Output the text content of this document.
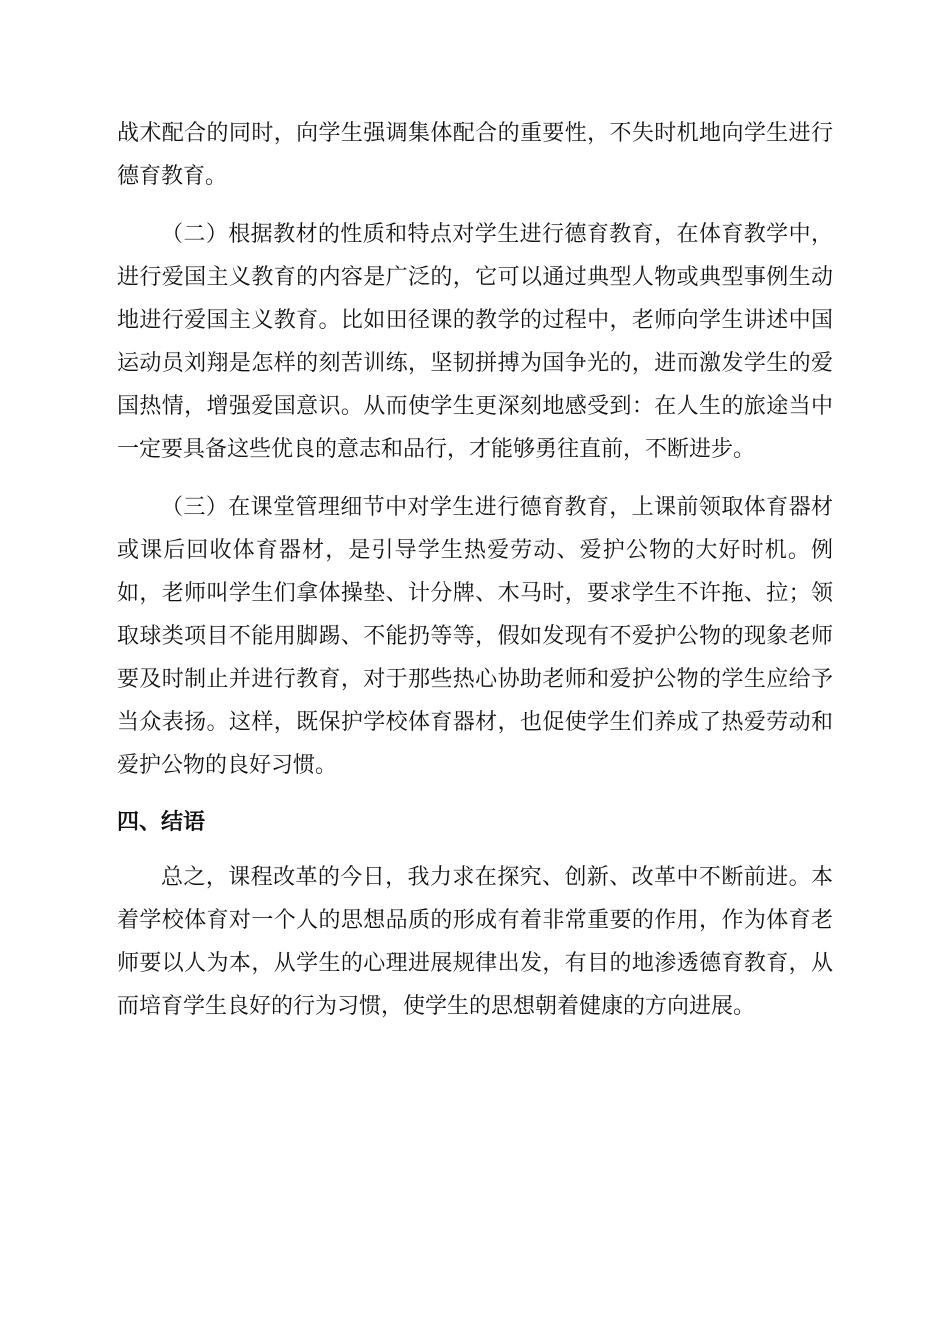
战术配合的同时，向学生强调集体配合的重要性，不失时机地向学生进行德育教育。

（二）根据教材的性质和特点对学生进行德育教育，在体育教学中，进行爱国主义教育的内容是广泛的，它可以通过典型人物或典型事例生动地进行爱国主义教育。比如田径课的教学的过程中，老师向学生讲述中国运动员刘翔是怎样的刻苦训练，坚韧拼搏为国争光的，进而激发学生的爱国热情，增强爱国意识。从而使学生更深刻地感受到：在人生的旅途当中一定要具备这些优良的意志和品行，才能够勇往直前，不断进步。

（三）在课堂管理细节中对学生进行德育教育，上课前领取体育器材或课后回收体育器材，是引导学生热爱劳动、爱护公物的大好时机。例如，老师叫学生们拿体操垫、计分牌、木马时，要求学生不许拖、拉；领取球类项目不能用脚踢、不能扔等等，假如发现有不爱护公物的现象老师要及时制止并进行教育，对于那些热心协助老师和爱护公物的学生应给予当众表扬。这样，既保护学校体育器材，也促使学生们养成了热爱劳动和爱护公物的良好习惯。

四、结语

总之，课程改革的今日，我力求在探究、创新、改革中不断前进。本着学校体育对一个人的思想品质的形成有着非常重要的作用，作为体育老师要以人为本，从学生的心理进展规律出发，有目的地渗透德育教育，从而培育学生良好的行为习惯，使学生的思想朝着健康的方向进展。
